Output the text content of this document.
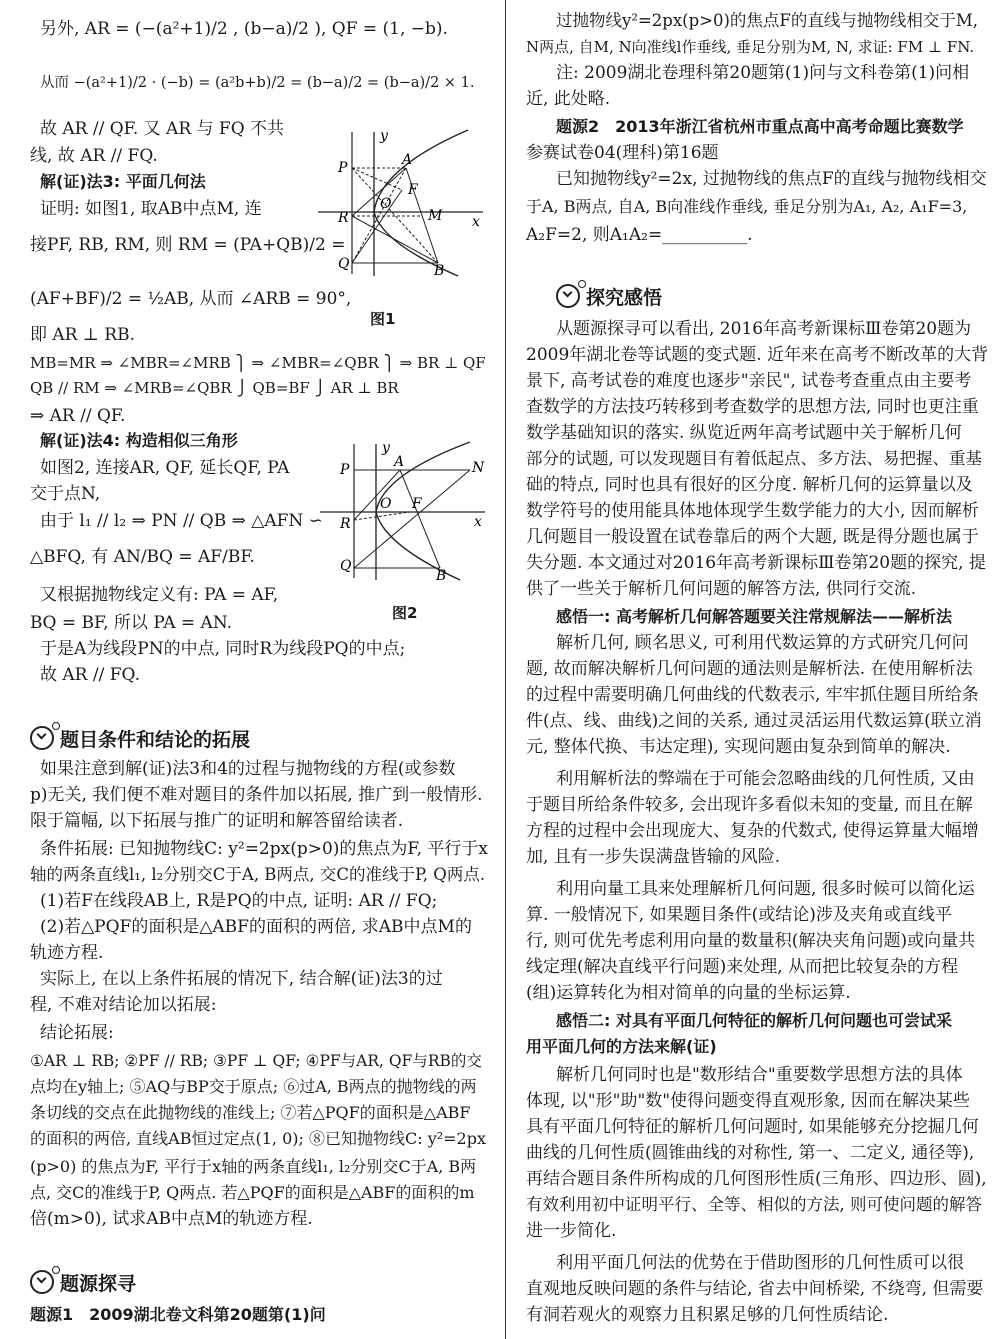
另外, AR = (−(a²+1)/2 , (b−a)/2 ), QF = (1, −b).
从而 −(a²+1)/2 · (−b) = (a²b+b)/2 = (b−a)/2 = (b−a)/2 × 1.
故 AR // QF. 又 AR 与 FQ 不共
线, 故 AR // FQ.
解(证)法3: 平面几何法
证明: 如图1, 取AB中点M, 连
接PF, RB, RM, 则 RM = (PA+QB)/2 =
(AF+BF)/2 = ½AB, 从而 ∠ARB = 90°,
即 AR ⊥ RB.
MB=MR ⇒ ∠MBR=∠MRB ⎫ ⇒ ∠MBR=∠QBR ⎫ ⇒ BR ⊥ QF
QB // RM ⇒ ∠MRB=∠QBR ⎭ QB=BF ⎭ AR ⊥ BR
⇒ AR // QF.
解(证)法4: 构造相似三角形
如图2, 连接AR, QF, 延长QF, PA
交于点N,
由于 l₁ // l₂ ⇒ PN // QB ⇒ △AFN ∽
△BFQ, 有 AN/BQ = AF/BF.
又根据抛物线定义有: PA = AF,
BQ = BF, 所以 PA = AN.
于是A为线段PN的中点, 同时R为线段PQ的中点;
故 AR // FQ.
y
P	A
F
O
M
R	x
Q	B
图1
y
P	A	N
O F
x
R
Q
B
图2
题目条件和结论的拓展
如果注意到解(证)法3和4的过程与抛物线的方程(或参数
p)无关, 我们便不难对题目的条件加以拓展, 推广到一般情形.
限于篇幅, 以下拓展与推广的证明和解答留给读者.
条件拓展: 已知抛物线C: y²=2px(p>0)的焦点为F, 平行于x
轴的两条直线l₁, l₂分别交C于A, B两点, 交C的准线于P, Q两点.
(1)若F在线段AB上, R是PQ的中点, 证明: AR // FQ;
(2)若△PQF的面积是△ABF的面积的两倍, 求AB中点M的
轨迹方程.
实际上, 在以上条件拓展的情况下, 结合解(证)法3的过
程, 不难对结论加以拓展:
结论拓展:
①AR ⊥ RB; ②PF // RB; ③PF ⊥ QF; ④PF与AR, QF与RB的交
点均在y轴上; ⑤AQ与BP交于原点; ⑥过A, B两点的抛物线的两
条切线的交点在此抛物线的准线上; ⑦若△PQF的面积是△ABF
的面积的两倍, 直线AB恒过定点(1, 0); ⑧已知抛物线C: y²=2px
(p>0) 的焦点为F, 平行于x轴的两条直线l₁, l₂分别交C于A, B两
点, 交C的准线于P, Q两点. 若△PQF的面积是△ABF的面积的m
倍(m>0), 试求AB中点M的轨迹方程.
题源探寻
题源1　2009湖北卷文科第20题第(1)问
过抛物线y²=2px(p>0)的焦点F的直线与抛物线相交于M,
N两点, 自M, N向准线l作垂线, 垂足分别为M, N, 求证: FM ⊥ FN.
注: 2009湖北卷理科第20题第(1)问与文科卷第(1)问相
近, 此处略.
题源2　2013年浙江省杭州市重点高中高考命题比赛数学
参赛试卷04(理科)第16题
已知抛物线y²=2x, 过抛物线的焦点F的直线与抛物线相交
于A, B两点, 自A, B向准线作垂线, 垂足分别为A₁, A₂, A₁F=3,
A₂F=2, 则A₁A₂=__________.
探究感悟
从题源探寻可以看出, 2016年高考新课标Ⅲ卷第20题为
2009年湖北卷等试题的变式题. 近年来在高考不断改革的大背
景下, 高考试卷的难度也逐步"亲民", 试卷考查重点由主要考
查数学的方法技巧转移到考查数学的思想方法, 同时也更注重
数学基础知识的落实. 纵览近两年高考试题中关于解析几何
部分的试题, 可以发现题目有着低起点、多方法、易把握、重基
础的特点, 同时也具有很好的区分度. 解析几何的运算量以及
数学符号的使用能具体地体现学生数学能力的大小, 因而解析
几何题目一般设置在试卷靠后的两个大题, 既是得分题也属于
失分题. 本文通过对2016年高考新课标Ⅲ卷第20题的探究, 提
供了一些关于解析几何问题的解答方法, 供同行交流.
感悟一: 高考解析几何解答题要关注常规解法——解析法
解析几何, 顾名思义, 可利用代数运算的方式研究几何问
题, 故而解决解析几何问题的通法则是解析法. 在使用解析法
的过程中需要明确几何曲线的代数表示, 牢牢抓住题目所给条
件(点、线、曲线)之间的关系, 通过灵活运用代数运算(联立消
元, 整体代换、韦达定理), 实现问题由复杂到简单的解决.
利用解析法的弊端在于可能会忽略曲线的几何性质, 又由
于题目所给条件较多, 会出现许多看似未知的变量, 而且在解
方程的过程中会出现庞大、复杂的代数式, 使得运算量大幅增
加, 且有一步失误满盘皆输的风险.
利用向量工具来处理解析几何问题, 很多时候可以简化运
算. 一般情况下, 如果题目条件(或结论)涉及夹角或直线平
行, 则可优先考虑利用向量的数量积(解决夹角问题)或向量共
线定理(解决直线平行问题)来处理, 从而把比较复杂的方程
(组)运算转化为相对简单的向量的坐标运算.
感悟二: 对具有平面几何特征的解析几何问题也可尝试采
用平面几何的方法来解(证)
解析几何同时也是"数形结合"重要数学思想方法的具体
体现, 以"形"助"数"使得问题变得直观形象, 因而在解决某些
具有平面几何特征的解析几何问题时, 如果能够充分挖掘几何
曲线的几何性质(圆锥曲线的对称性, 第一、二定义, 通径等),
再结合题目条件所构成的几何图形性质(三角形、四边形、圆),
有效利用初中证明平行、全等、相似的方法, 则可使问题的解答
进一步简化.
利用平面几何法的优势在于借助图形的几何性质可以很
直观地反映问题的条件与结论, 省去中间桥梁, 不绕弯, 但需要
有洞若观火的观察力且积累足够的几何性质结论.
